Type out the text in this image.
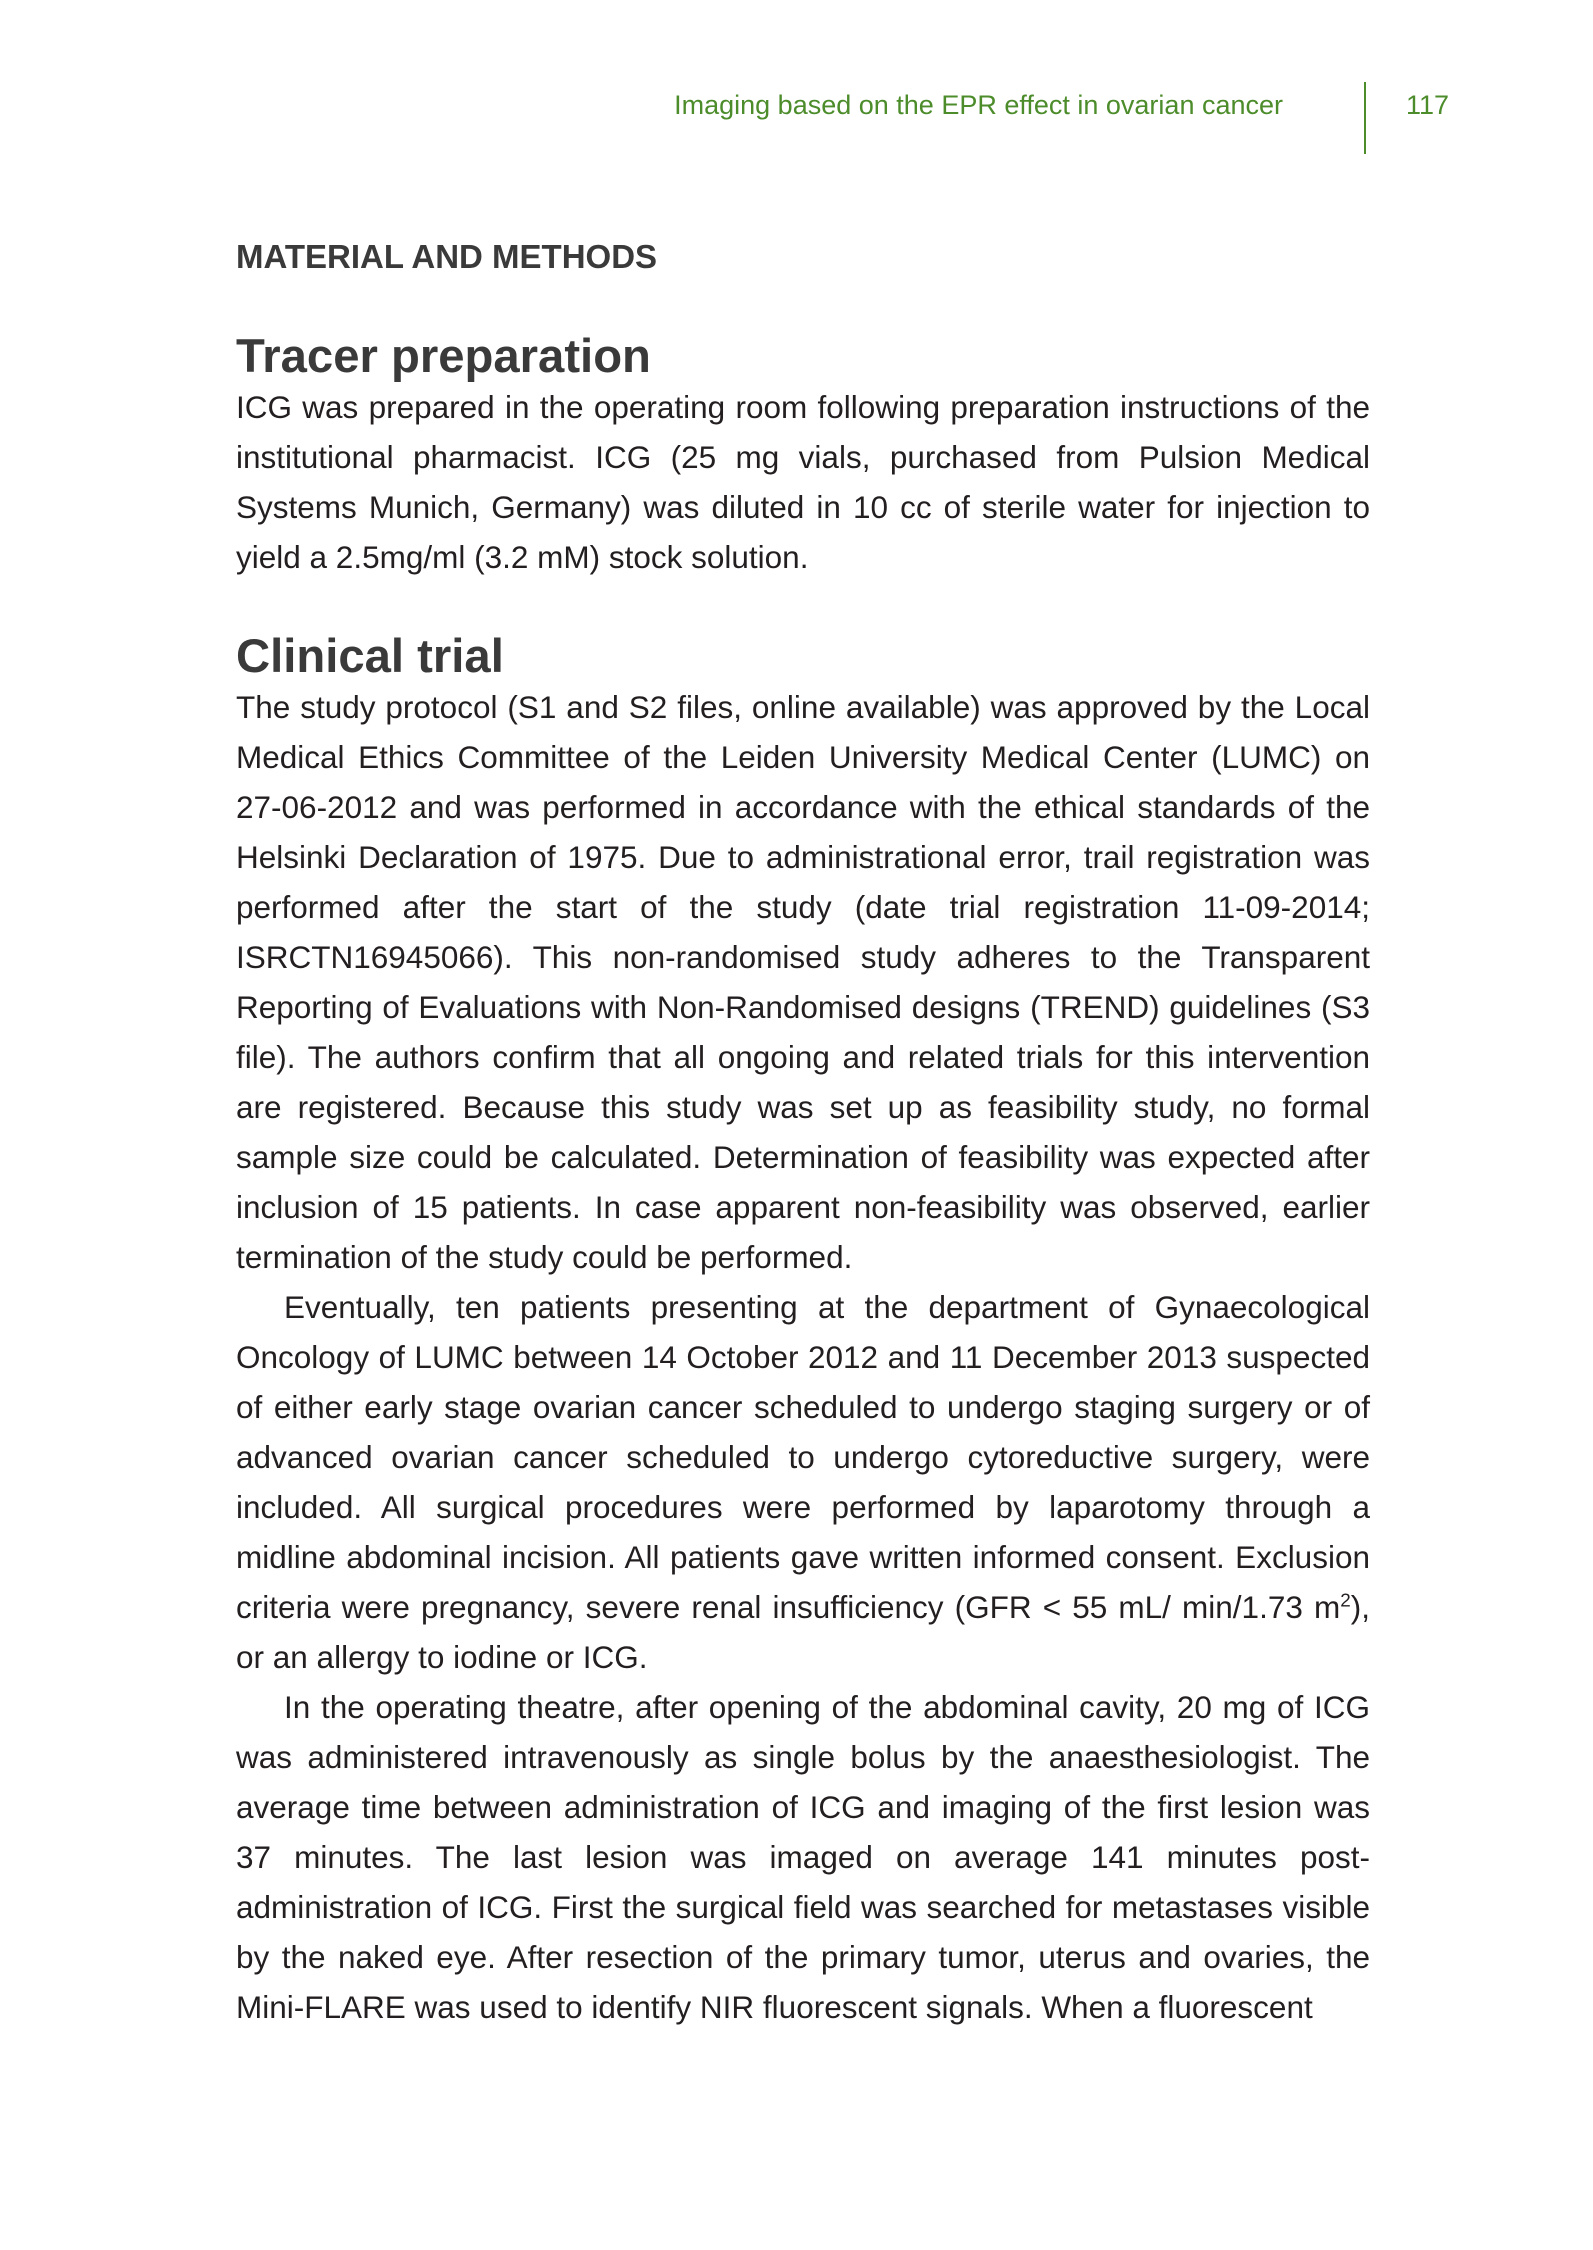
Imaging based on the EPR effect in ovarian cancer	117
MATERIAL AND METHODS
Tracer preparation

ICG was prepared in the operating room following preparation instructions of the institutional pharmacist. ICG (25 mg vials, purchased from Pulsion Medical Systems Munich, Germany) was diluted in 10 cc of sterile water for injection to yield a 2.5mg/ml (3.2 mM) stock solution.

Clinical trial

The study protocol (S1 and S2 files, online available) was approved by the Local Medical Ethics Committee of the Leiden University Medical Center (LUMC) on 27-06-2012 and was performed in accordance with the ethical standards of the Helsinki Declaration of 1975. Due to administrational error, trail registration was performed after the start of the study (date trial registration 11-09-2014; ISRCTN16945066). This non-randomised study adheres to the Transparent Reporting of Evaluations with Non-Randomised designs (TREND) guidelines (S3 file). The authors confirm that all ongoing and related trials for this intervention are registered. Because this study was set up as feasibility study, no formal sample size could be calculated. Determination of feasibility was expected after inclusion of 15 patients. In case apparent non-feasibility was observed, earlier termination of the study could be performed.

Eventually, ten patients presenting at the department of Gynaecological Oncology of LUMC between 14 October 2012 and 11 December 2013 suspected of either early stage ovarian cancer scheduled to undergo staging surgery or of advanced ovarian cancer scheduled to undergo cytoreductive surgery, were included. All surgical procedures were performed by laparotomy through a midline abdominal incision. All patients gave written informed consent. Exclusion criteria were pregnancy, severe renal insufficiency (GFR < 55 mL/ min/1.73 $m^2$), or an allergy to iodine or ICG.

In the operating theatre, after opening of the abdominal cavity, 20 mg of ICG was administered intravenously as single bolus by the anaesthesiologist. The average time between administration of ICG and imaging of the first lesion was 37 minutes. The last lesion was imaged on average 141 minutes post-administration of ICG. First the surgical field was searched for metastases visible by the naked eye. After resection of the primary tumor, uterus and ovaries, the Mini-FLARE was used to identify NIR fluorescent signals. When a fluorescent
